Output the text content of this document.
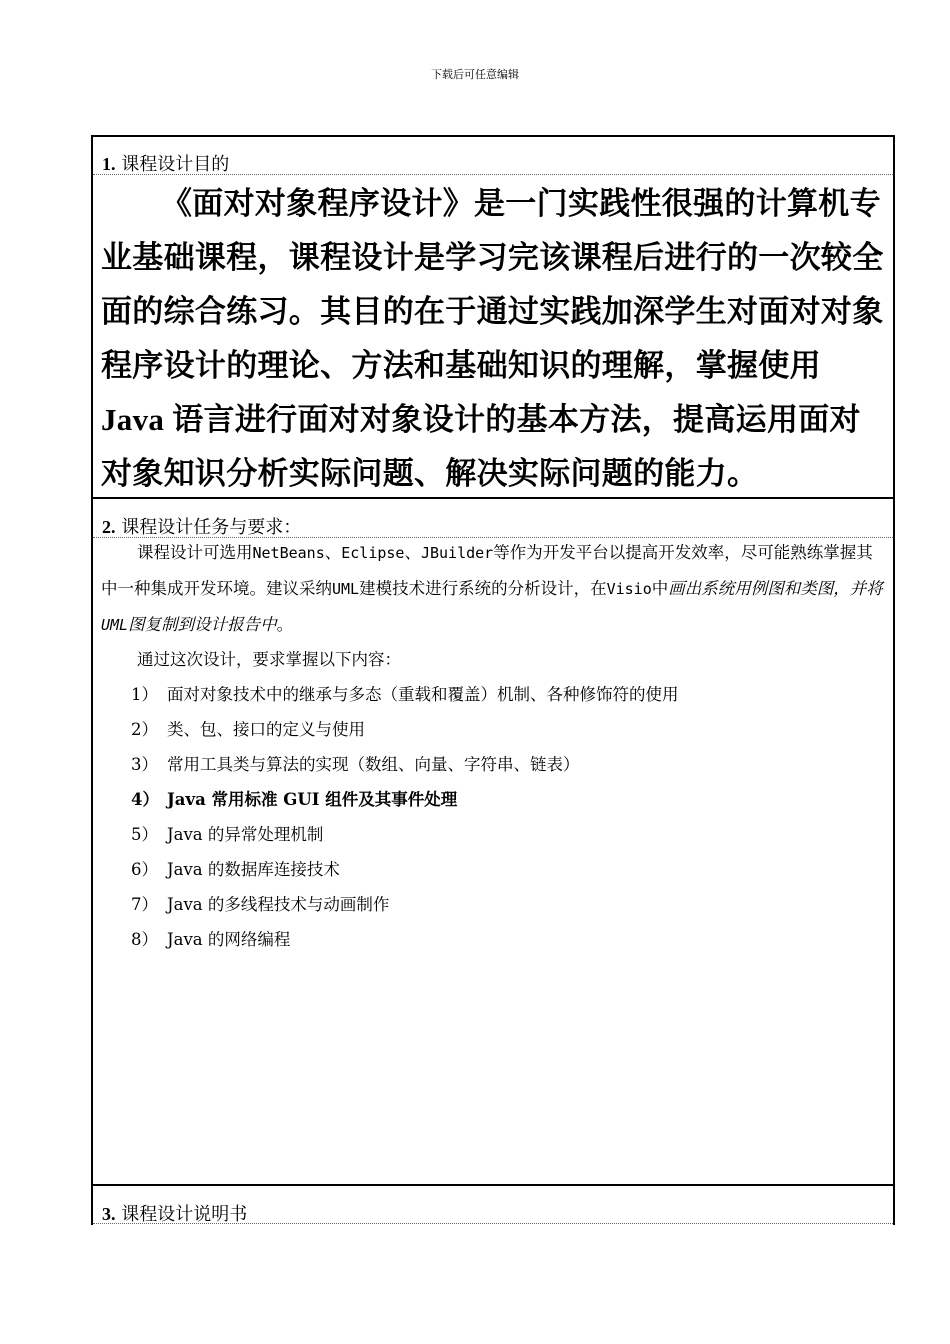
下载后可任意编辑
1. 课程设计目的
《面对对象程序设计》是一门实践性很强的计算机专业基础课程，课程设计是学习完该课程后进行的一次较全面的综合练习。其目的在于通过实践加深学生对面对对象程序设计的理论、方法和基础知识的理解，掌握使用 Java 语言进行面对对象设计的基本方法，提高运用面对对象知识分析实际问题、解决实际问题的能力。
2. 课程设计任务与要求：
课程设计可选用NetBeans、Eclipse、JBuilder等作为开发平台以提高开发效率，尽可能熟练掌握其中一种集成开发环境。建议采纳UML建模技术进行系统的分析设计，在Visio中画出系统用例图和类图，并将UML图复制到设计报告中。
通过这次设计，要求掌握以下内容：
1） 面对对象技术中的继承与多态（重载和覆盖）机制、各种修饰符的使用
2） 类、包、接口的定义与使用
3） 常用工具类与算法的实现（数组、向量、字符串、链表）
4） Java 常用标准 GUI 组件及其事件处理
5） Java 的异常处理机制
6） Java 的数据库连接技术
7） Java 的多线程技术与动画制作
8） Java 的网络编程
3. 课程设计说明书
